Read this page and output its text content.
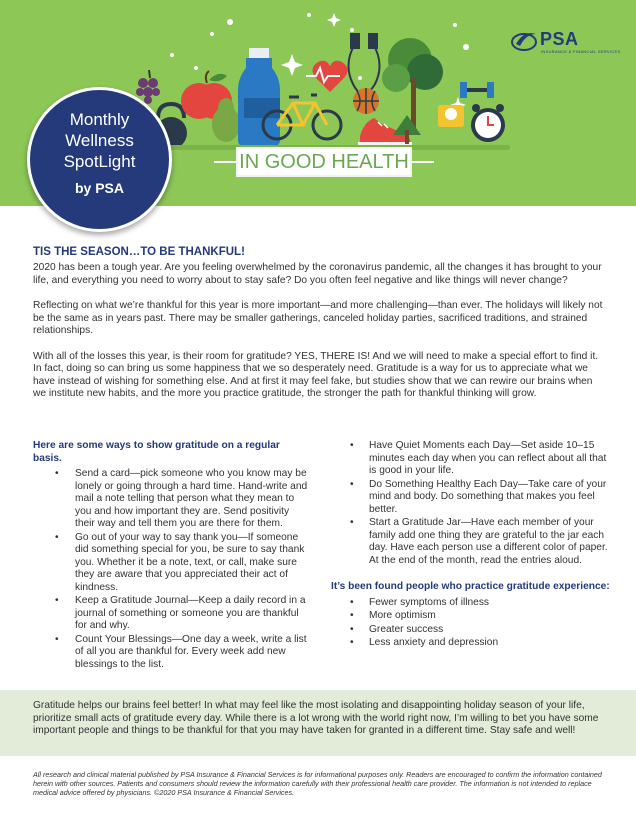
IN GOOD HEALTH
PSA
INSURANCE & FINANCIAL SERVICES
Monthly
Wellness
SpotLight
by PSA
TIS THE SEASON…TO BE THANKFUL!

2020 has been a tough year. Are you feeling overwhelmed by the coronavirus pandemic, all the changes it has brought to your life, and everything you need to worry about to stay safe? Do you often feel negative and like things will never change?

Reflecting on what we’re thankful for this year is more important—and more challenging—than ever. The holidays will likely not be the same as in years past. There may be smaller gatherings, canceled holiday parties, sacrificed traditions, and strained relationships.

With all of the losses this year, is their room for gratitude? YES, THERE IS! And we will need to make a special effort to find it. In fact, doing so can bring us some happiness that we so desperately need. Gratitude is a way for us to appreciate what we have instead of wishing for something else. And at first it may feel fake, but studies show that we can rewire our brains when we institute new habits, and the more you practice gratitude, the stronger the path for thankful thinking will grow.

Here are some ways to show gratitude on a regular basis.
• Send a card—pick someone who you know may be lonely or going through a hard time. Hand-write and mail a note telling that person what they mean to you and how important they are. Send positivity their way and tell them you are there for them.
• Go out of your way to say thank you—If someone did something special for you, be sure to say thank you. Whether it be a note, text, or call, make sure they are aware that you appreciated their act of kindness.
• Keep a Gratitude Journal—Keep a daily record in a journal of something or someone you are thankful for and why.
• Count Your Blessings—One day a week, write a list of all you are thankful for. Every week add new blessings to the list.
• Have Quiet Moments each Day—Set aside 10–15 minutes each day when you can reflect about all that is good in your life.
• Do Something Healthy Each Day—Take care of your mind and body. Do something that makes you feel better.
• Start a Gratitude Jar—Have each member of your family add one thing they are grateful to the jar each day. Have each person use a different color of paper. At the end of the month, read the entries aloud.
It’s been found people who practice gratitude experience:
• Fewer symptoms of illness
• More optimism
• Greater success
• Less anxiety and depression

Gratitude helps our brains feel better! In what may feel like the most isolating and disappointing holiday season of your life, prioritize small acts of gratitude every day. While there is a lot wrong with the world right now, I’m willing to bet you have some important people and things to be thankful for that you may have taken for granted in a different time. Stay safe and well!

All research and clinical material published by PSA Insurance & Financial Services is for informational purposes only. Readers are encouraged to confirm the information contained herein with other sources. Patients and consumers should review the information carefully with their professional health care provider. The information is not intended to replace medical advice offered by physicians. ©2020 PSA Insurance & Financial Services.
